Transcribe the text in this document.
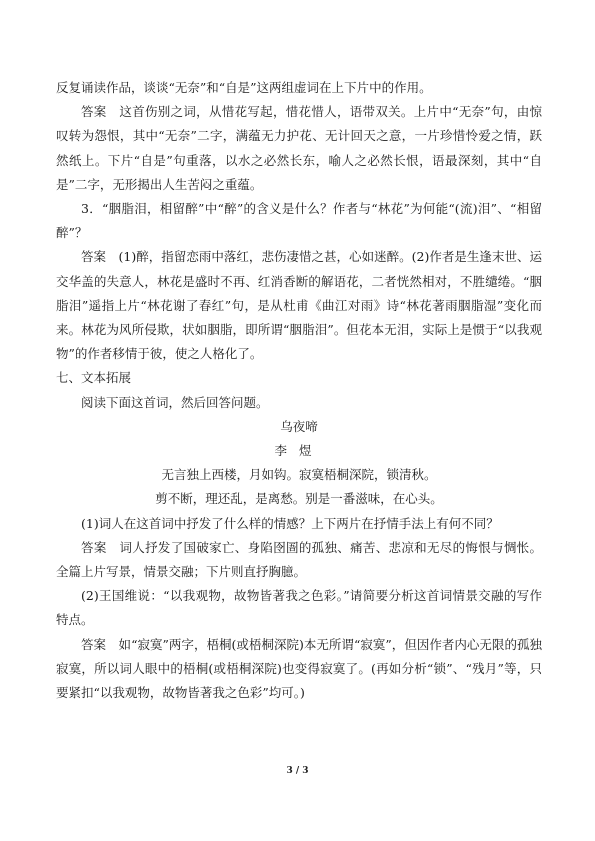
反复诵读作品，谈谈“无奈”和“自是”这两组虚词在上下片中的作用。

答案　这首伤别之词，从惜花写起，惜花惜人，语带双关。上片中“无奈”句，由惊叹转为怨恨，其中“无奈”二字，满蕴无力护花、无计回天之意，一片珍惜怜爱之情，跃然纸上。下片“自是”句重落，以水之必然长东，喻人之必然长恨，语最深刻，其中“自是”二字，无形揭出人生苦闷之重蕴。

3．“胭脂泪，相留醉”中“醉”的含义是什么？作者与“林花”为何能“(流)泪”、“相留醉”？

答案　(1)醉，指留恋雨中落红，悲伤凄惜之甚，心如迷醉。(2)作者是生逢末世、运交华盖的失意人，林花是盛时不再、红消香断的解语花，二者恍然相对，不胜缱绻。“胭脂泪”遥指上片“林花谢了春红”句，是从杜甫《曲江对雨》诗“林花著雨胭脂湿”变化而来。林花为风所侵欺，状如胭脂，即所谓“胭脂泪”。但花本无泪，实际上是惯于“以我观物”的作者移情于彼，使之人格化了。

七、文本拓展

阅读下面这首词，然后回答问题。

乌夜啼

李煜

无言独上西楼，月如钩。寂寞梧桐深院，锁清秋。

剪不断，理还乱，是离愁。别是一番滋味，在心头。

(1)词人在这首词中抒发了什么样的情感？上下两片在抒情手法上有何不同？

答案　词人抒发了国破家亡、身陷囹圄的孤独、痛苦、悲凉和无尽的悔恨与惆怅。全篇上片写景，情景交融；下片则直抒胸臆。

(2)王国维说：“以我观物，故物皆著我之色彩。”请简要分析这首词情景交融的写作特点。

答案　如“寂寞”两字，梧桐(或梧桐深院)本无所谓“寂寞”，但因作者内心无限的孤独寂寞，所以词人眼中的梧桐(或梧桐深院)也变得寂寞了。(再如分析“锁”、“残月”等，只要紧扣“以我观物，故物皆著我之色彩”均可。)

3 / 3
